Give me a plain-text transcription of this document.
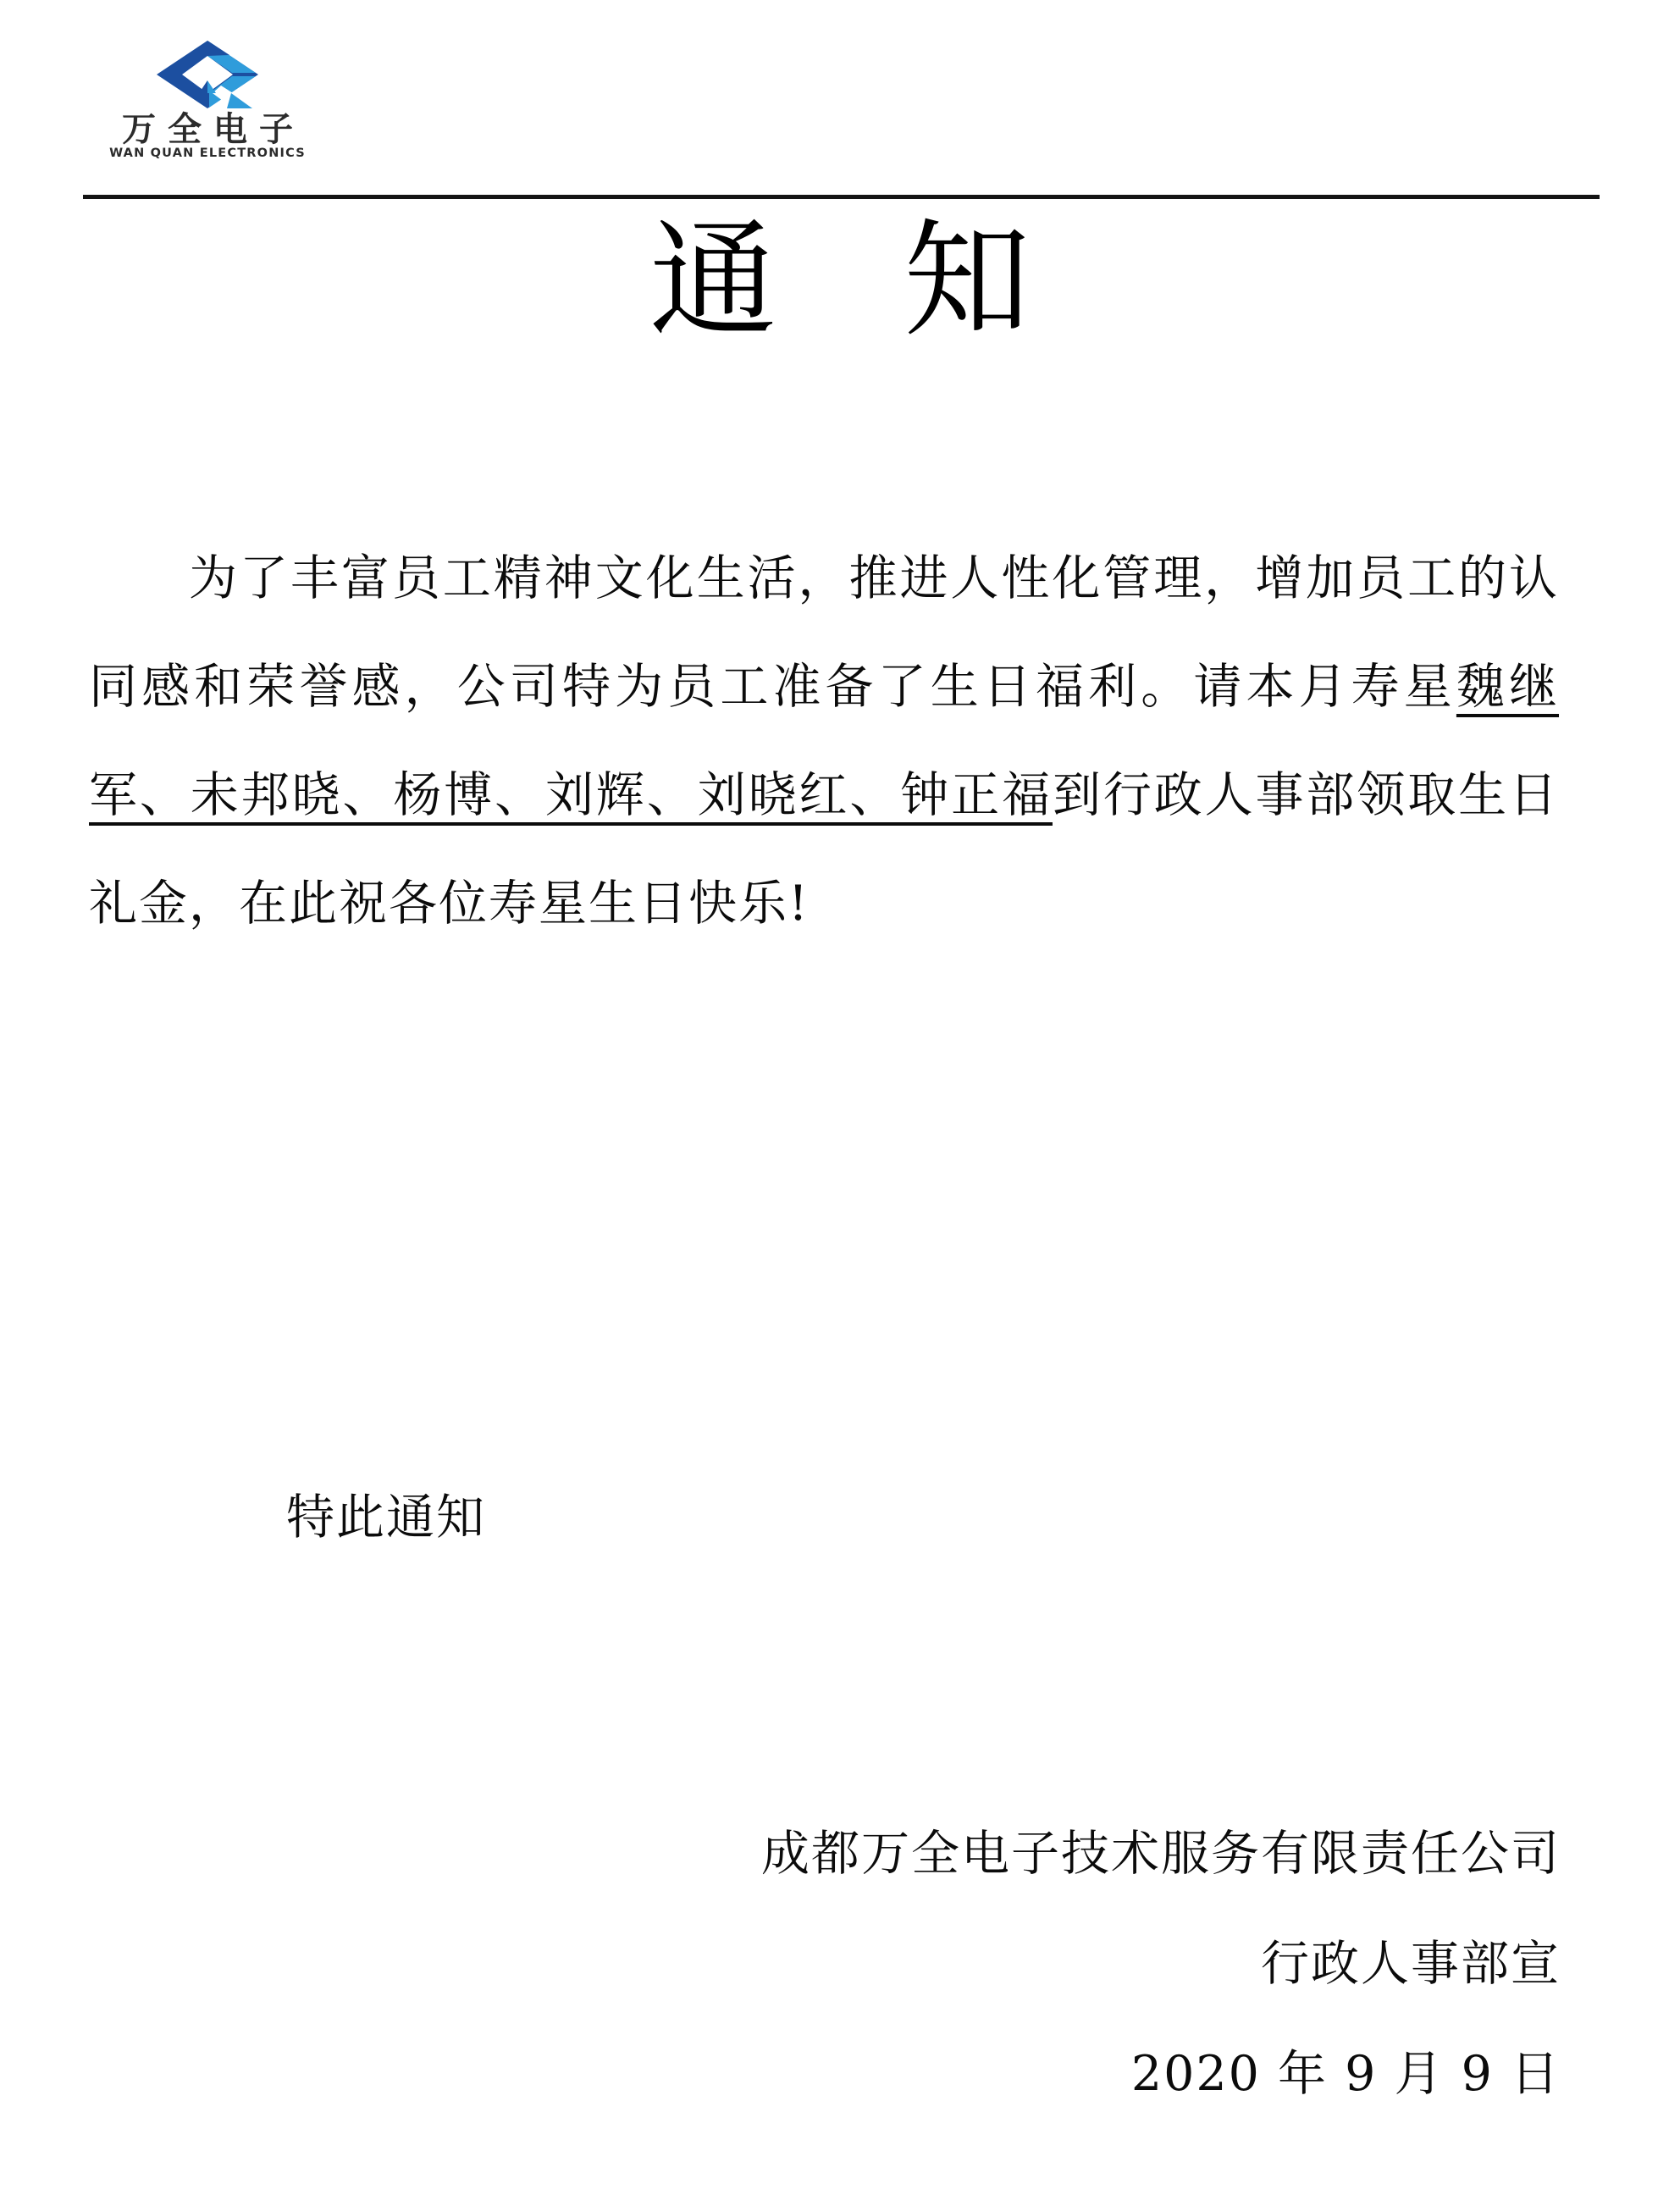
万全电子
WAN QUAN ELECTRONICS
通　知

为了丰富员工精神文化生活，推进人性化管理，增加员工的认同感和荣誉感，公司特为员工准备了生日福利。请本月寿星魏继军、未邦晓、杨博、刘辉、刘晓红、钟正福到行政人事部领取生日礼金，在此祝各位寿星生日快乐!

特此通知
成都万全电子技术服务有限责任公司
行政人事部宣
2020 年 9 月 9 日
